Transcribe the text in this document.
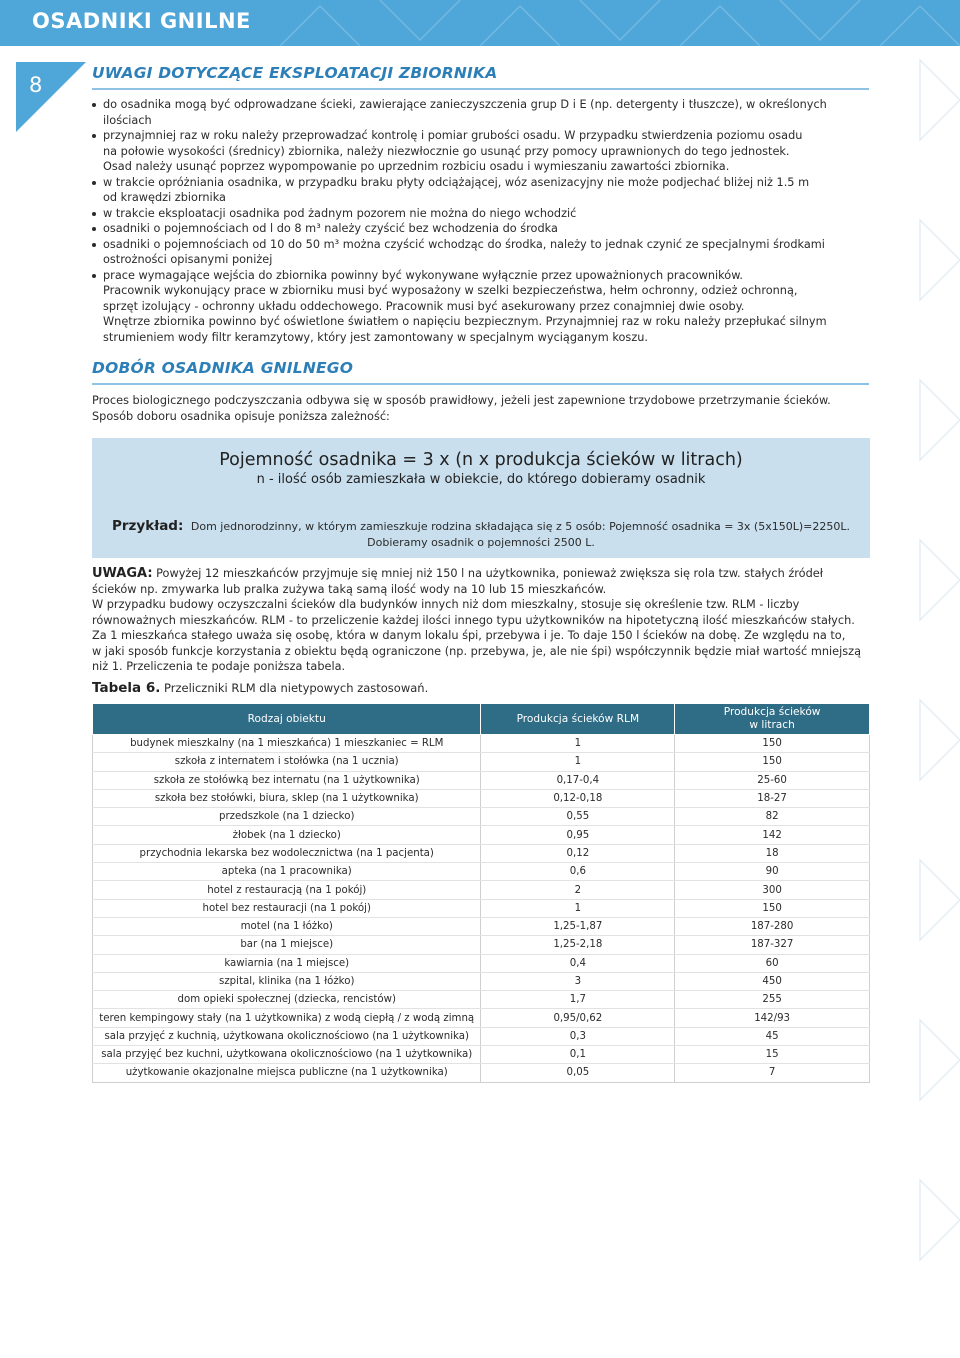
OSADNIKI GNILNE
8	UWAGI DOTYCZĄCE EKSPLOATACJI ZBIORNIKA
do osadnika mogą być odprowadzane ścieki, zawierające zanieczyszczenia grup D i E (np. detergenty i tłuszcze), w określonych ilościach
przynajmniej raz w roku należy przeprowadzać kontrolę i pomiar grubości osadu. W przypadku stwierdzenia poziomu osadu
na połowie wysokości (średnicy) zbiornika, należy niezwłocznie go usunąć przy pomocy uprawnionych do tego jednostek.
Osad należy usunąć poprzez wypompowanie po uprzednim rozbiciu osadu i wymieszaniu zawartości zbiornika.
w trakcie opróżniania osadnika, w przypadku braku płyty odciążającej, wóz asenizacyjny nie może podjechać bliżej niż 1.5 m
od krawędzi zbiornika
w trakcie eksploatacji osadnika pod żadnym pozorem nie można do niego wchodzić
osadniki o pojemnościach od l do 8 m³ należy czyścić bez wchodzenia do środka
osadniki o pojemnościach od 10 do 50 m³ można czyścić wchodząc do środka, należy to jednak czynić ze specjalnymi środkami
ostrożności opisanymi poniżej
prace wymagające wejścia do zbiornika powinny być wykonywane wyłącznie przez upoważnionych pracowników.
Pracownik wykonujący prace w zbiorniku musi być wyposażony w szelki bezpieczeństwa, hełm ochronny, odzież ochronną,
sprzęt izolujący - ochronny układu oddechowego. Pracownik musi być asekurowany przez conajmniej dwie osoby.
Wnętrze zbiornika powinno być oświetlone światłem o napięciu bezpiecznym. Przynajmniej raz w roku należy przepłukać silnym
strumieniem wody filtr keramzytowy, który jest zamontowany w specjalnym wyciąganym koszu.
DOBÓR OSADNIKA GNILNEGO
Proces biologicznego podczyszczania odbywa się w sposób prawidłowy, jeżeli jest zapewnione trzydobowe przetrzymanie ścieków.
Sposób doboru osadnika opisuje poniższa zależność:
Pojemność osadnika = 3 x (n x produkcja ścieków w litrach)
n - ilość osób zamieszkała w obiekcie, do którego dobieramy osadnik
Przykład: Dom jednorodzinny, w którym zamieszkuje rodzina składająca się z 5 osób: Pojemność osadnika = 3x (5x150L)=2250L.
Dobieramy osadnik o pojemności 2500 L.
UWAGA: Powyżej 12 mieszkańców przyjmuje się mniej niż 150 l na użytkownika, ponieważ zwiększa się rola tzw. stałych źródeł
ścieków np. zmywarka lub pralka zużywa taką samą ilość wody na 10 lub 15 mieszkańców.
W przypadku budowy oczyszczalni ścieków dla budynków innych niż dom mieszkalny, stosuje się określenie tzw. RLM - liczby
równoważnych mieszkańców. RLM - to przeliczenie każdej ilości innego typu użytkowników na hipotetyczną ilość mieszkańców stałych.
Za 1 mieszkańca stałego uważa się osobę, która w danym lokalu śpi, przebywa i je. To daje 150 l ścieków na dobę. Ze względu na to,
w jaki sposób funkcje korzystania z obiektu będą ograniczone (np. przebywa, je, ale nie śpi) współczynnik będzie miał wartość mniejszą
niż 1. Przeliczenia te podaje poniższa tabela.
Tabela 6. Przeliczniki RLM dla nietypowych zastosowań.
Rodzaj obiektu	Produkcja ścieków RLM	Produkcja ścieków
w litrach
budynek mieszkalny (na 1 mieszkańca) 1 mieszkaniec = RLM	1	150
szkoła z internatem i stołówka (na 1 ucznia)	1	150
szkoła ze stołówką bez internatu (na 1 użytkownika)	0,17-0,4	25-60
szkoła bez stołówki, biura, sklep (na 1 użytkownika)	0,12-0,18	18-27
przedszkole (na 1 dziecko)	0,55	82
żłobek (na 1 dziecko)	0,95	142
przychodnia lekarska bez wodolecznictwa (na 1 pacjenta)	0,12	18
apteka (na 1 pracownika)	0,6	90
hotel z restauracją (na 1 pokój)	2	300
hotel bez restauracji (na 1 pokój)	1	150
motel (na 1 łóżko)	1,25-1,87	187-280
bar (na 1 miejsce)	1,25-2,18	187-327
kawiarnia (na 1 miejsce)	0,4	60
szpital, klinika (na 1 łóżko)	3	450
dom opieki społecznej (dziecka, rencistów)	1,7	255
teren kempingowy stały (na 1 użytkownika) z wodą ciepłą / z wodą zimną	0,95/0,62	142/93
sala przyjęć z kuchnią, użytkowana okolicznościowo (na 1 użytkownika)	0,3	45
sala przyjęć bez kuchni, użytkowana okolicznościowo (na 1 użytkownika)	0,1	15
użytkowanie okazjonalne miejsca publiczne (na 1 użytkownika)	0,05	7
